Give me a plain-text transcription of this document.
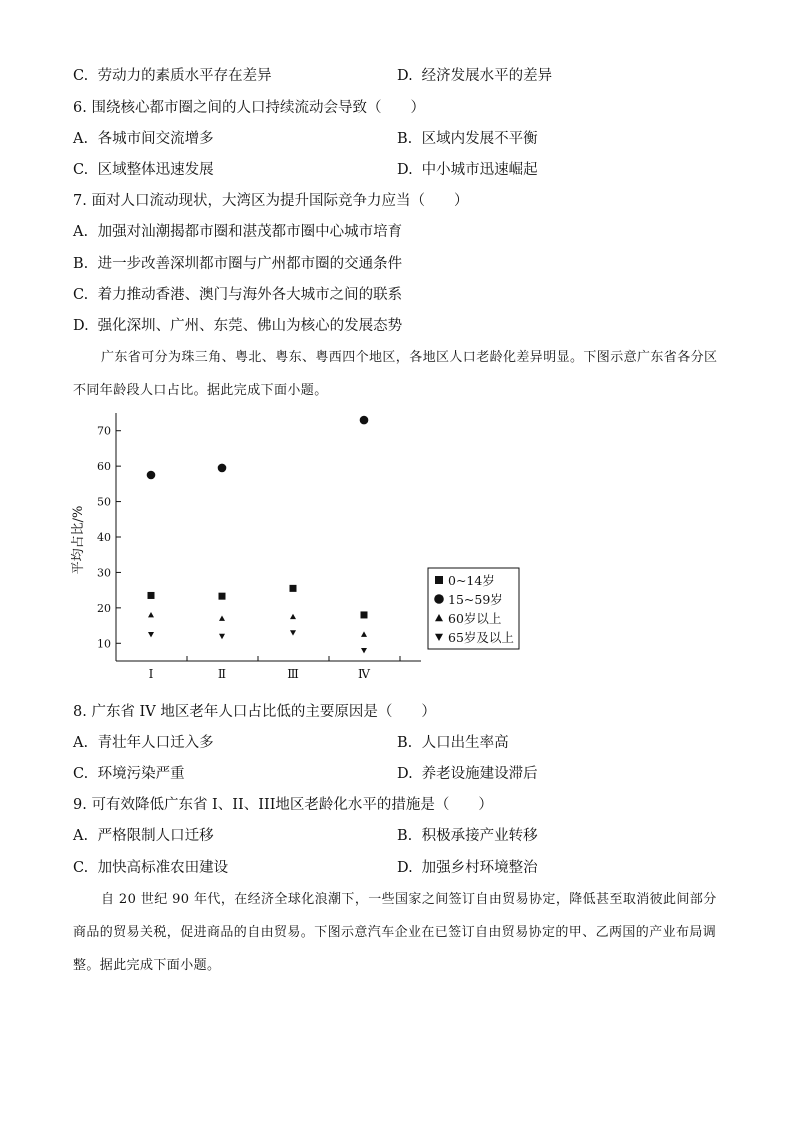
C. 劳动力的素质水平存在差异	D. 经济发展水平的差异
6. 围绕核心都市圈之间的人口持续流动会导致（　　）
A. 各城市间交流增多	B. 区域内发展不平衡
C. 区域整体迅速发展	D. 中小城市迅速崛起
7. 面对人口流动现状，大湾区为提升国际竞争力应当（　　）
A. 加强对汕潮揭都市圈和湛茂都市圈中心城市培育
B. 进一步改善深圳都市圈与广州都市圈的交通条件
C. 着力推动香港、澳门与海外各大城市之间的联系
D. 强化深圳、广州、东莞、佛山为核心的发展态势
广东省可分为珠三角、粤北、粤东、粤西四个地区，各地区人口老龄化差异明显。下图示意广东省各分区不同年龄段人口占比。据此完成下面小题。
平均占比/%
10
20
30
40
50
60
70
Ⅰ	Ⅱ	Ⅲ	Ⅳ
0~14岁
15~59岁
60岁以上
65岁及以上
8. 广东省 IV 地区老年人口占比低的主要原因是（　　）
A. 青壮年人口迁入多	B. 人口出生率高
C. 环境污染严重	D. 养老设施建设滞后
9. 可有效降低广东省 I、II、III地区老龄化水平的措施是（　　）
A. 严格限制人口迁移	B. 积极承接产业转移
C. 加快高标准农田建设	D. 加强乡村环境整治
自 20 世纪 90 年代，在经济全球化浪潮下，一些国家之间签订自由贸易协定，降低甚至取消彼此间部分商品的贸易关税，促进商品的自由贸易。下图示意汽车企业在已签订自由贸易协定的甲、乙两国的产业布局调整。据此完成下面小题。
